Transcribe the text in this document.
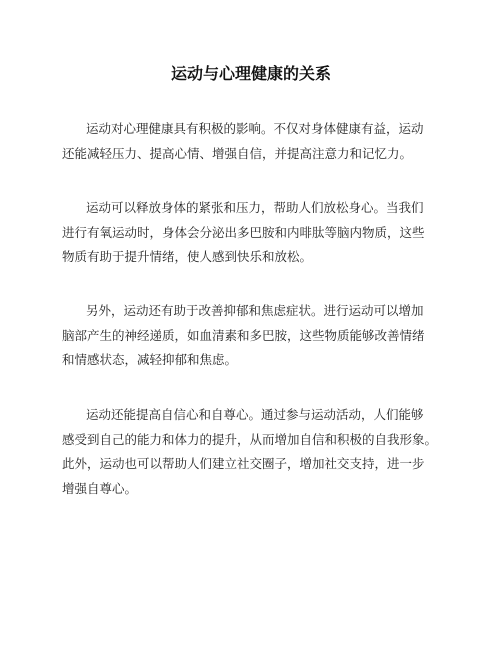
运动与心理健康的关系

运动对心理健康具有积极的影响。不仅对身体健康有益，运动
还能减轻压力、提高心情、增强自信，并提高注意力和记忆力。

运动可以释放身体的紧张和压力，帮助人们放松身心。当我们
进行有氧运动时，身体会分泌出多巴胺和内啡肽等脑内物质，这些
物质有助于提升情绪，使人感到快乐和放松。

另外，运动还有助于改善抑郁和焦虑症状。进行运动可以增加
脑部产生的神经递质，如血清素和多巴胺，这些物质能够改善情绪
和情感状态，减轻抑郁和焦虑。

运动还能提高自信心和自尊心。通过参与运动活动，人们能够
感受到自己的能力和体力的提升，从而增加自信和积极的自我形象。
此外，运动也可以帮助人们建立社交圈子，增加社交支持，进一步
增强自尊心。
